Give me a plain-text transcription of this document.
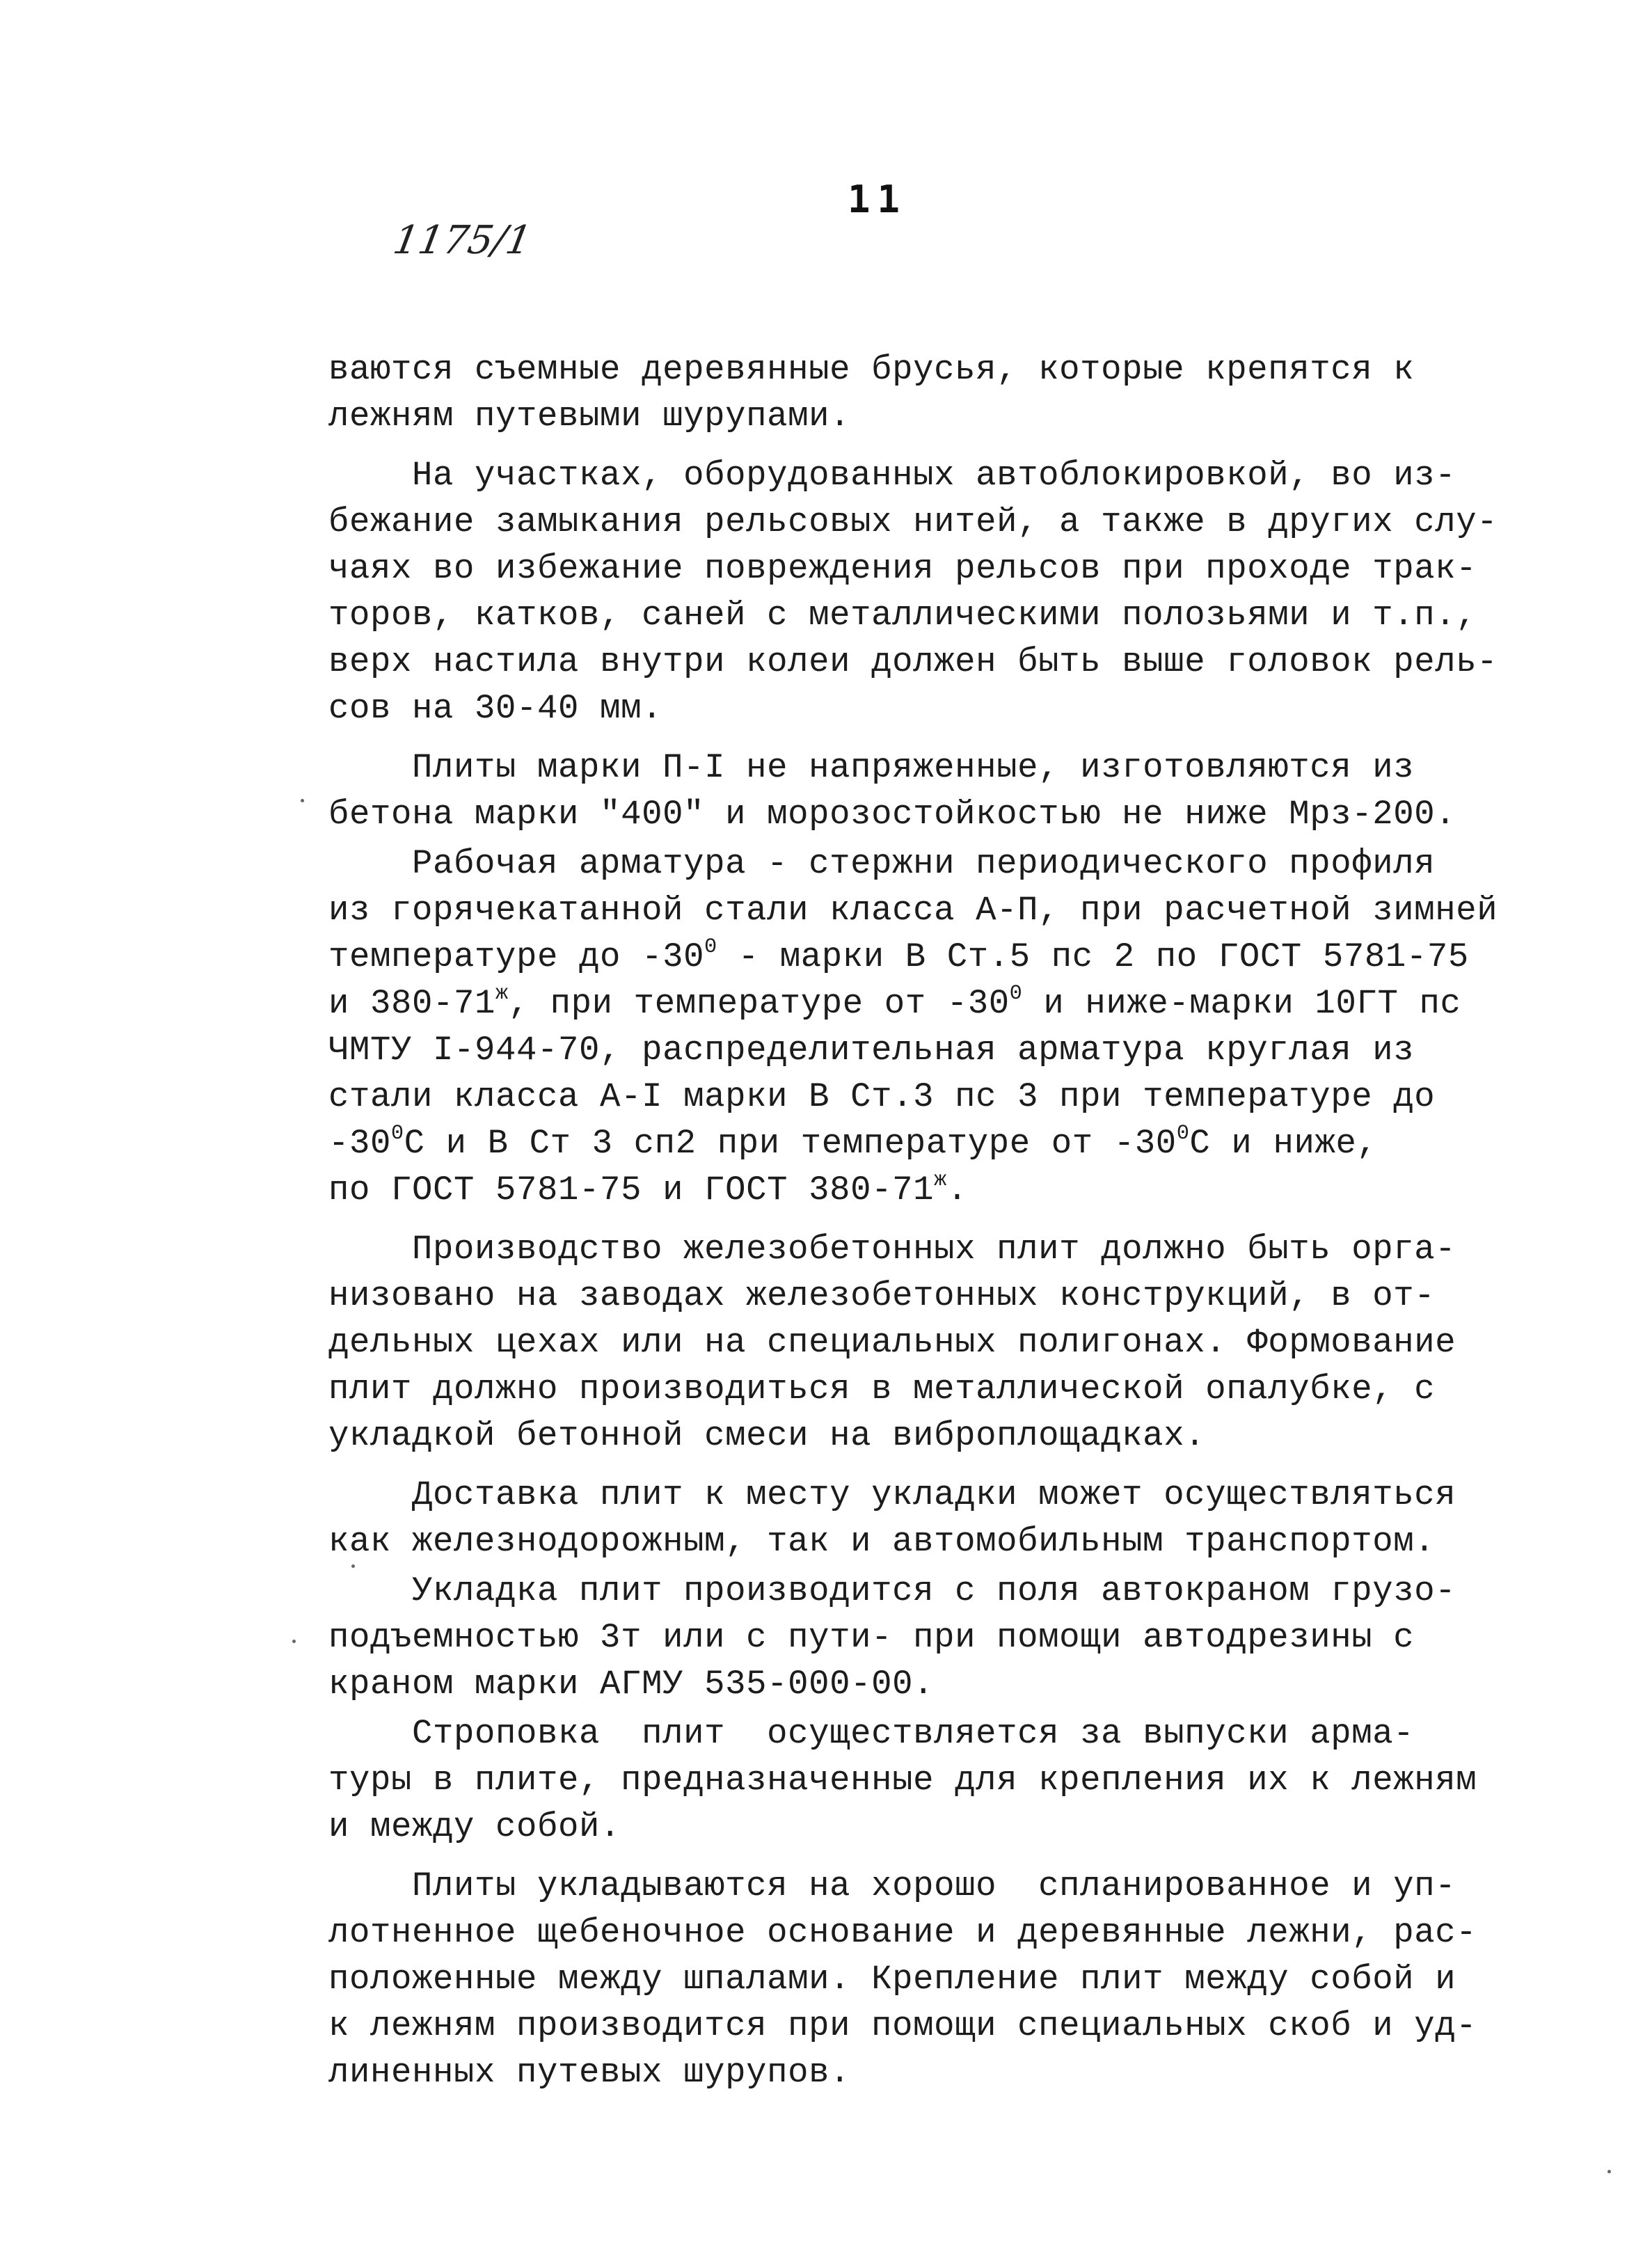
11
1175/1
ваются съемные деревянные брусья, которые крепятся к
лежням путевыми шурупами.
На участках, оборудованных автоблокировкой, во из-
бежание замыкания рельсовых нитей, а также в других слу-
чаях во избежание повреждения рельсов при проходе трак-
торов, катков, саней с металлическими полозьями и т.п.,
верх настила внутри колеи должен быть выше головок рель-
сов на 30-40 мм.
Плиты марки П-I не напряженные, изготовляются из
бетона марки "400" и морозостойкостью не ниже Мрз-200.
Рабочая арматура - стержни периодического профиля
из горячекатанной стали класса А-П, при расчетной зимней
температуре до $-30^0$ - марки В Ст.5 пс 2 по ГОСТ 5781-75
и $380-71^ж$, при температуре от $-30^0$ и ниже-марки 10ГТ пс
ЧМТУ I-944-70, распределительная арматура круглая из
стали класса А-I марки В Ст.3 пс 3 при температуре до
$-30^0С$ и В Ст 3 сп2 при температуре от $-30^0С$ и ниже,
по ГОСТ 5781-75 и ГОСТ $380-71^ж$.
Производство железобетонных плит должно быть орга-
низовано на заводах железобетонных конструкций, в от-
дельных цехах или на специальных полигонах. Формование
плит должно производиться в металлической опалубке, с
укладкой бетонной смеси на виброплощадках.
Доставка плит к месту укладки может осуществляться
как железнодорожным, так и автомобильным транспортом.
Укладка плит производится с поля автокраном грузо-
подъемностью 3т или с пути- при помощи автодрезины с
краном марки АГМУ 535-000-00.
Строповка  плит  осуществляется за выпуски арма-
туры в плите, предназначенные для крепления их к лежням
и между собой.
Плиты укладываются на хорошо  спланированное и уп-
лотненное щебеночное основание и деревянные лежни, рас-
положенные между шпалами. Крепление плит между собой и
к лежням производится при помощи специальных скоб и уд-
линенных путевых шурупов.
